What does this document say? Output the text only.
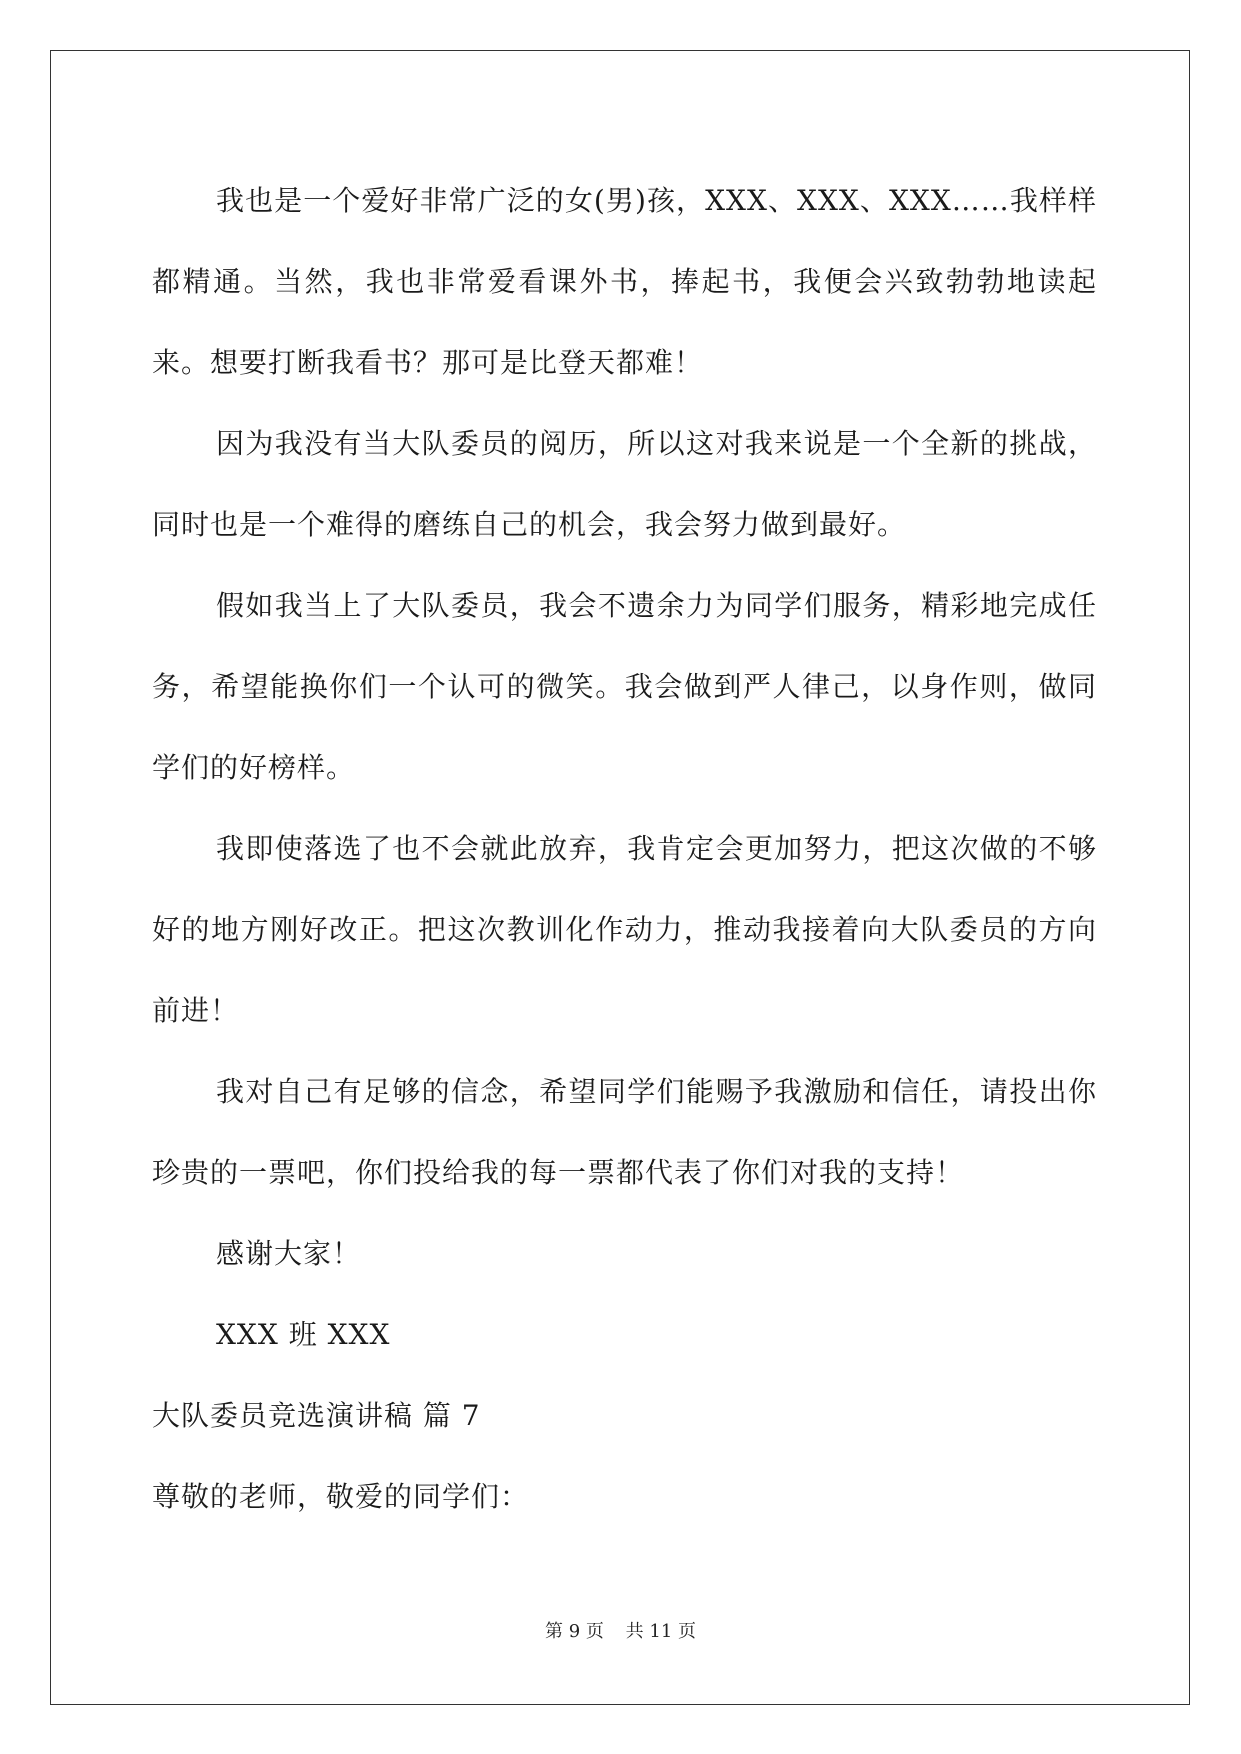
我也是一个爱好非常广泛的女(男)孩，XXX、XXX、XXX……我样样都精通。当然，我也非常爱看课外书，捧起书，我便会兴致勃勃地读起来。想要打断我看书？那可是比登天都难！

因为我没有当大队委员的阅历，所以这对我来说是一个全新的挑战，同时也是一个难得的磨练自己的机会，我会努力做到最好。

假如我当上了大队委员，我会不遗余力为同学们服务，精彩地完成任务，希望能换你们一个认可的微笑。我会做到严人律己，以身作则，做同学们的好榜样。

我即使落选了也不会就此放弃，我肯定会更加努力，把这次做的不够好的地方刚好改正。把这次教训化作动力，推动我接着向大队委员的方向前进！

我对自己有足够的信念，希望同学们能赐予我激励和信任，请投出你珍贵的一票吧，你们投给我的每一票都代表了你们对我的支持！

感谢大家！

XXX 班 XXX

大队委员竞选演讲稿 篇 7

尊敬的老师，敬爱的同学们：

第 9 页 共 11 页
